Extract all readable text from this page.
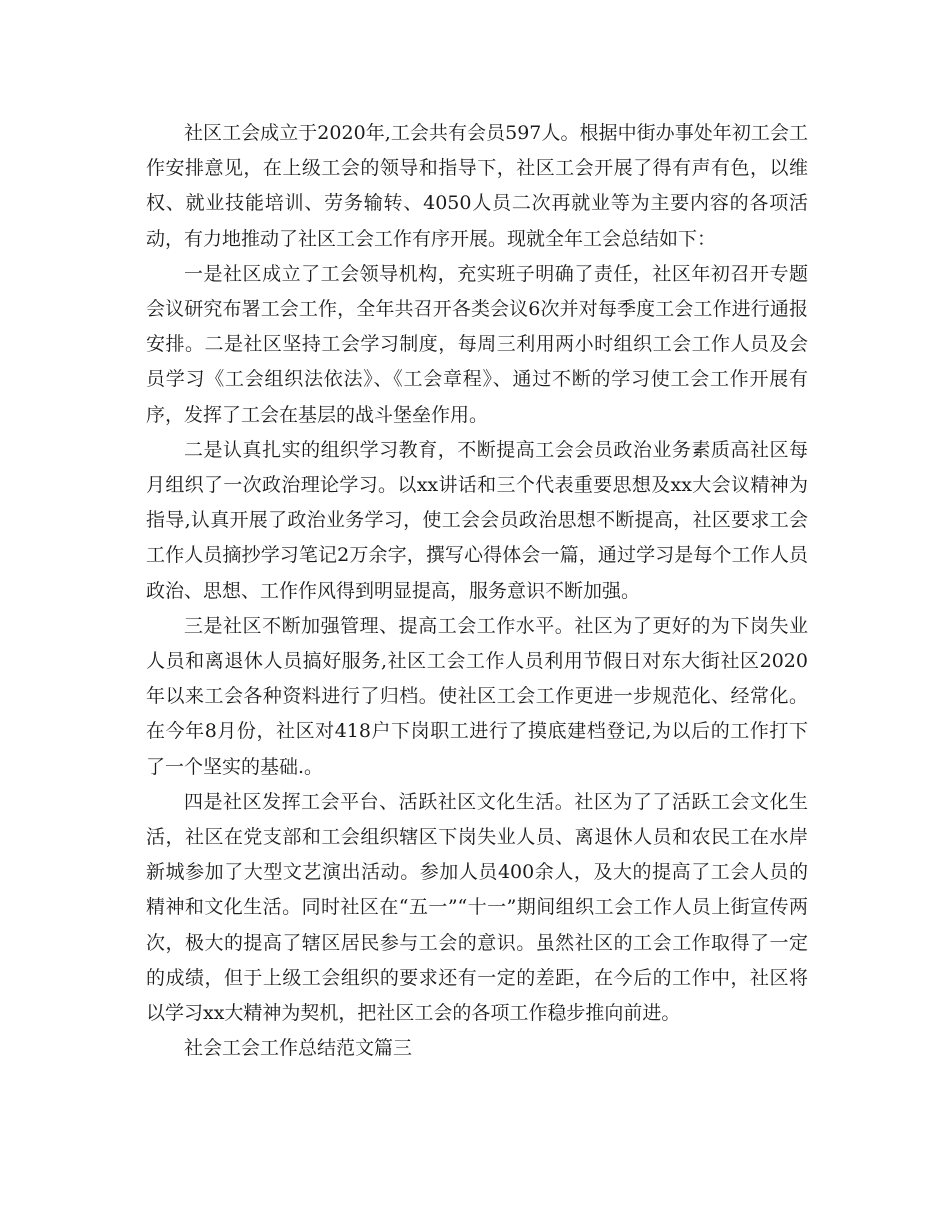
社区工会成立于2020年,工会共有会员597人。根据中街办事处年初工会工作安排意见，在上级工会的领导和指导下，社区工会开展了得有声有色，以维权、就业技能培训、劳务输转、4050人员二次再就业等为主要内容的各项活动，有力地推动了社区工会工作有序开展。现就全年工会总结如下：

一是社区成立了工会领导机构，充实班子明确了责任，社区年初召开专题会议研究布署工会工作，全年共召开各类会议6次并对每季度工会工作进行通报安排。二是社区坚持工会学习制度，每周三利用两小时组织工会工作人员及会员学习《工会组织法依法》、《工会章程》、通过不断的学习使工会工作开展有序，发挥了工会在基层的战斗堡垒作用。

二是认真扎实的组织学习教育，不断提高工会会员政治业务素质高社区每月组织了一次政治理论学习。以xx讲话和三个代表重要思想及xx大会议精神为指导,认真开展了政治业务学习，使工会会员政治思想不断提高，社区要求工会工作人员摘抄学习笔记2万余字，撰写心得体会一篇，通过学习是每个工作人员政治、思想、工作作风得到明显提高，服务意识不断加强。

三是社区不断加强管理、提高工会工作水平。社区为了更好的为下岗失业人员和离退休人员搞好服务,社区工会工作人员利用节假日对东大街社区2020年以来工会各种资料进行了归档。使社区工会工作更进一步规范化、经常化。在今年8月份，社区对418户下岗职工进行了摸底建档登记,为以后的工作打下了一个坚实的基础.。

四是社区发挥工会平台、活跃社区文化生活。社区为了了活跃工会文化生活，社区在党支部和工会组织辖区下岗失业人员、离退休人员和农民工在水岸新城参加了大型文艺演出活动。参加人员400余人，及大的提高了工会人员的精神和文化生活。同时社区在“五一”“十一”期间组织工会工作人员上街宣传两次，极大的提高了辖区居民参与工会的意识。虽然社区的工会工作取得了一定的成绩，但于上级工会组织的要求还有一定的差距，在今后的工作中，社区将以学习xx大精神为契机，把社区工会的各项工作稳步推向前进。

社会工会工作总结范文篇三
